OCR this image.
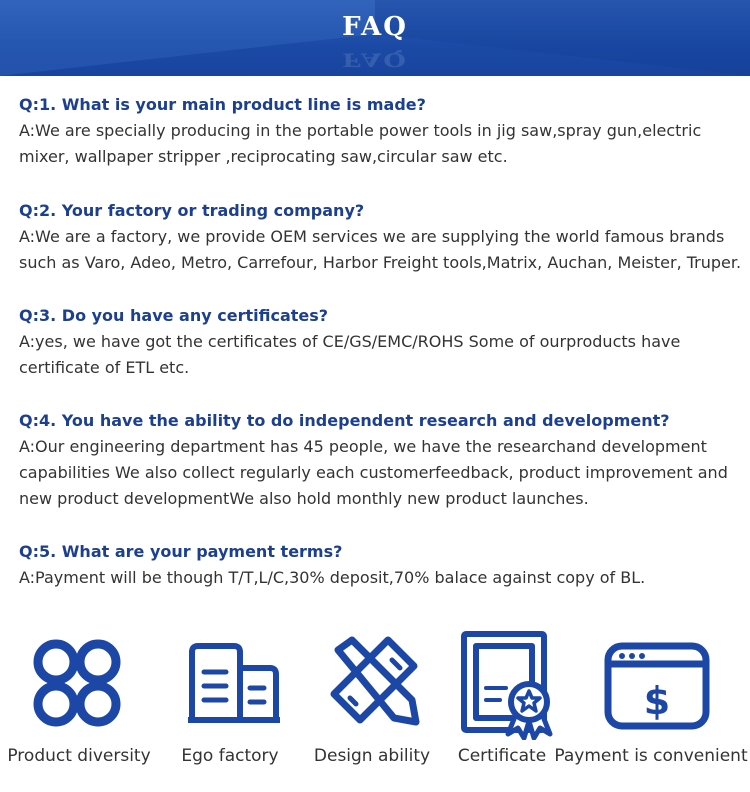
FAQ
FAQ
Q:1. What is your main product line is made?
A:We are specially producing in the portable power tools in jig saw,spray gun,electric mixer, wallpaper stripper ,reciprocating saw,circular saw etc.
Q:2. Your factory or trading company?
A:We are a factory, we provide OEM services we are supplying the world famous brands such as Varo, Adeo, Metro, Carrefour, Harbor Freight tools,Matrix, Auchan, Meister, Truper.
Q:3. Do you have any certificates?
A:yes, we have got the certificates of CE/GS/EMC/ROHS Some of ourproducts have certificate of ETL etc.
Q:4. You have the ability to do independent research and development?
A:Our engineering department has 45 people, we have the researchand development capabilities We also collect regularly each customerfeedback, product improvement and new product developmentWe also hold monthly new product launches.
Q:5. What are your payment terms?
A:Payment will be though T/T,L/C,30% deposit,70% balace against copy of BL.
$
Product diversity	Ego factory	Design ability	Certificate Payment is convenient
